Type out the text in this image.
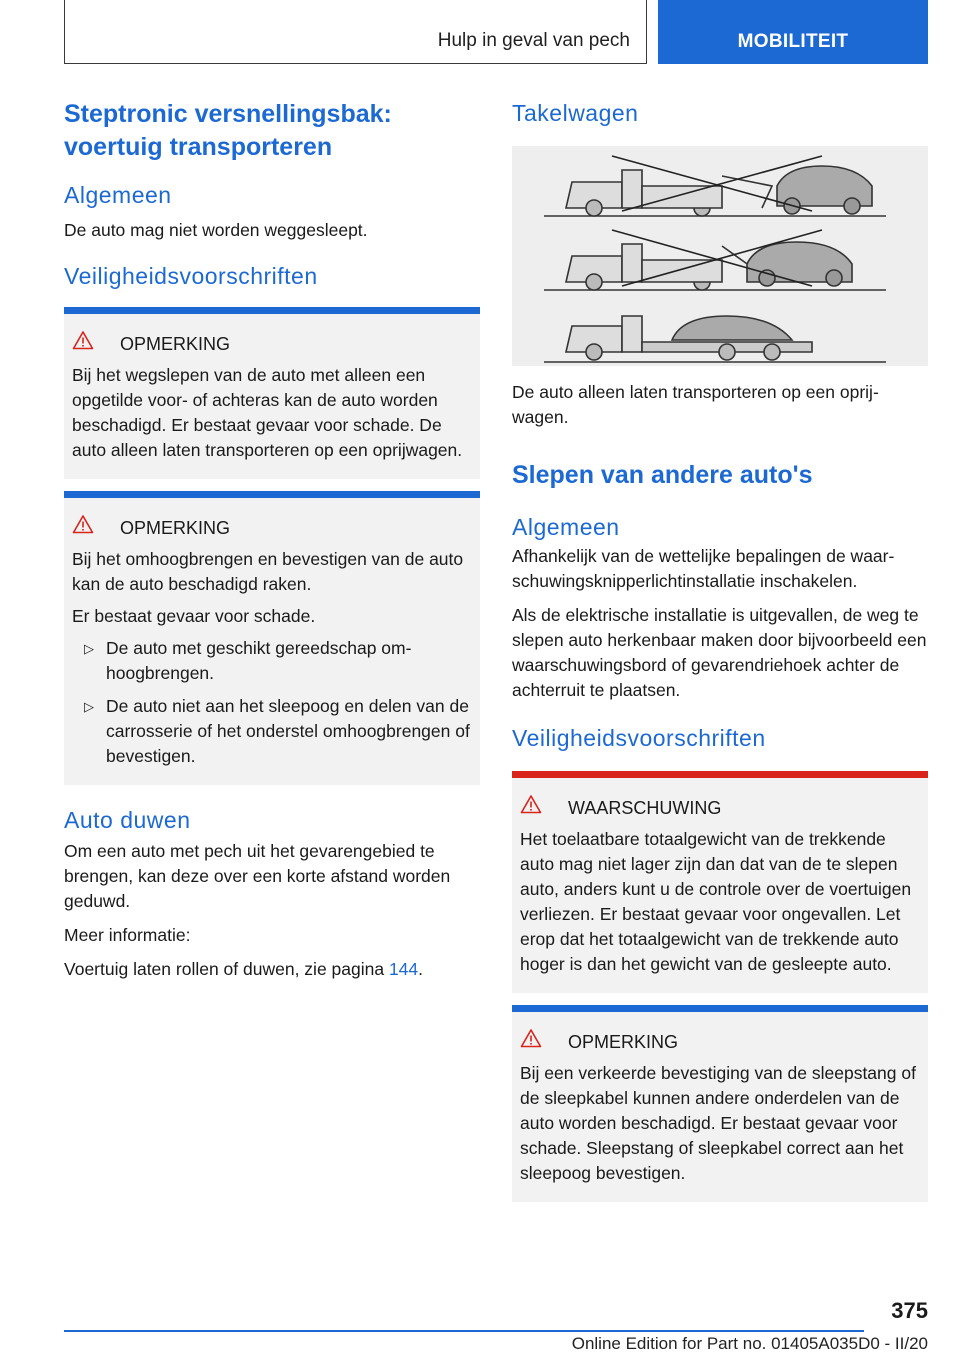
Hulp in geval van pech	MOBILITEIT
Steptronic versnellingsbak: voertuig transporteren
Algemeen

De auto mag niet worden weggesleept.

Veiligheidsvoorschriften
OPMERKING

Bij het wegslepen van de auto met alleen een opgetilde voor- of achteras kan de auto worden beschadigd. Er bestaat gevaar voor schade. De auto alleen laten transporteren op een oprijwagen.

OPMERKING

Bij het omhoogbrengen en bevestigen van de auto kan de auto beschadigd raken.

Er bestaat gevaar voor schade.

▷ De auto met geschikt gereedschap omhoogbrengen.
▷ De auto niet aan het sleepoog en delen van de carrosserie of het onderstel omhoogbrengen of bevestigen.
Auto duwen

Om een auto met pech uit het gevarengebied te brengen, kan deze over een korte afstand worden geduwd.

Meer informatie:

Voertuig laten rollen of duwen, zie pagina 144.

Takelwagen

De auto alleen laten transporteren op een oprijwagen.

Slepen van andere auto's
Algemeen

Afhankelijk van de wettelijke bepalingen de waarschuwingsknipperlichtinstallatie inschakelen.

Als de elektrische installatie is uitgevallen, de weg te slepen auto herkenbaar maken door bijvoorbeeld een waarschuwingsbord of gevarendriehoek achter de achterruit te plaatsen.

Veiligheidsvoorschriften
WAARSCHUWING

Het toelaatbare totaalgewicht van de trekkende auto mag niet lager zijn dan dat van de te slepen auto, anders kunt u de controle over de voertuigen verliezen. Er bestaat gevaar voor ongevallen. Let erop dat het totaalgewicht van de trekkende auto hoger is dan het gewicht van de gesleepte auto.

OPMERKING

Bij een verkeerde bevestiging van de sleepstang of de sleepkabel kunnen andere onderdelen van de auto worden beschadigd. Er bestaat gevaar voor schade. Sleepstang of sleepkabel correct aan het sleepoog bevestigen.

375
Online Edition for Part no. 01405A035D0 - II/20
